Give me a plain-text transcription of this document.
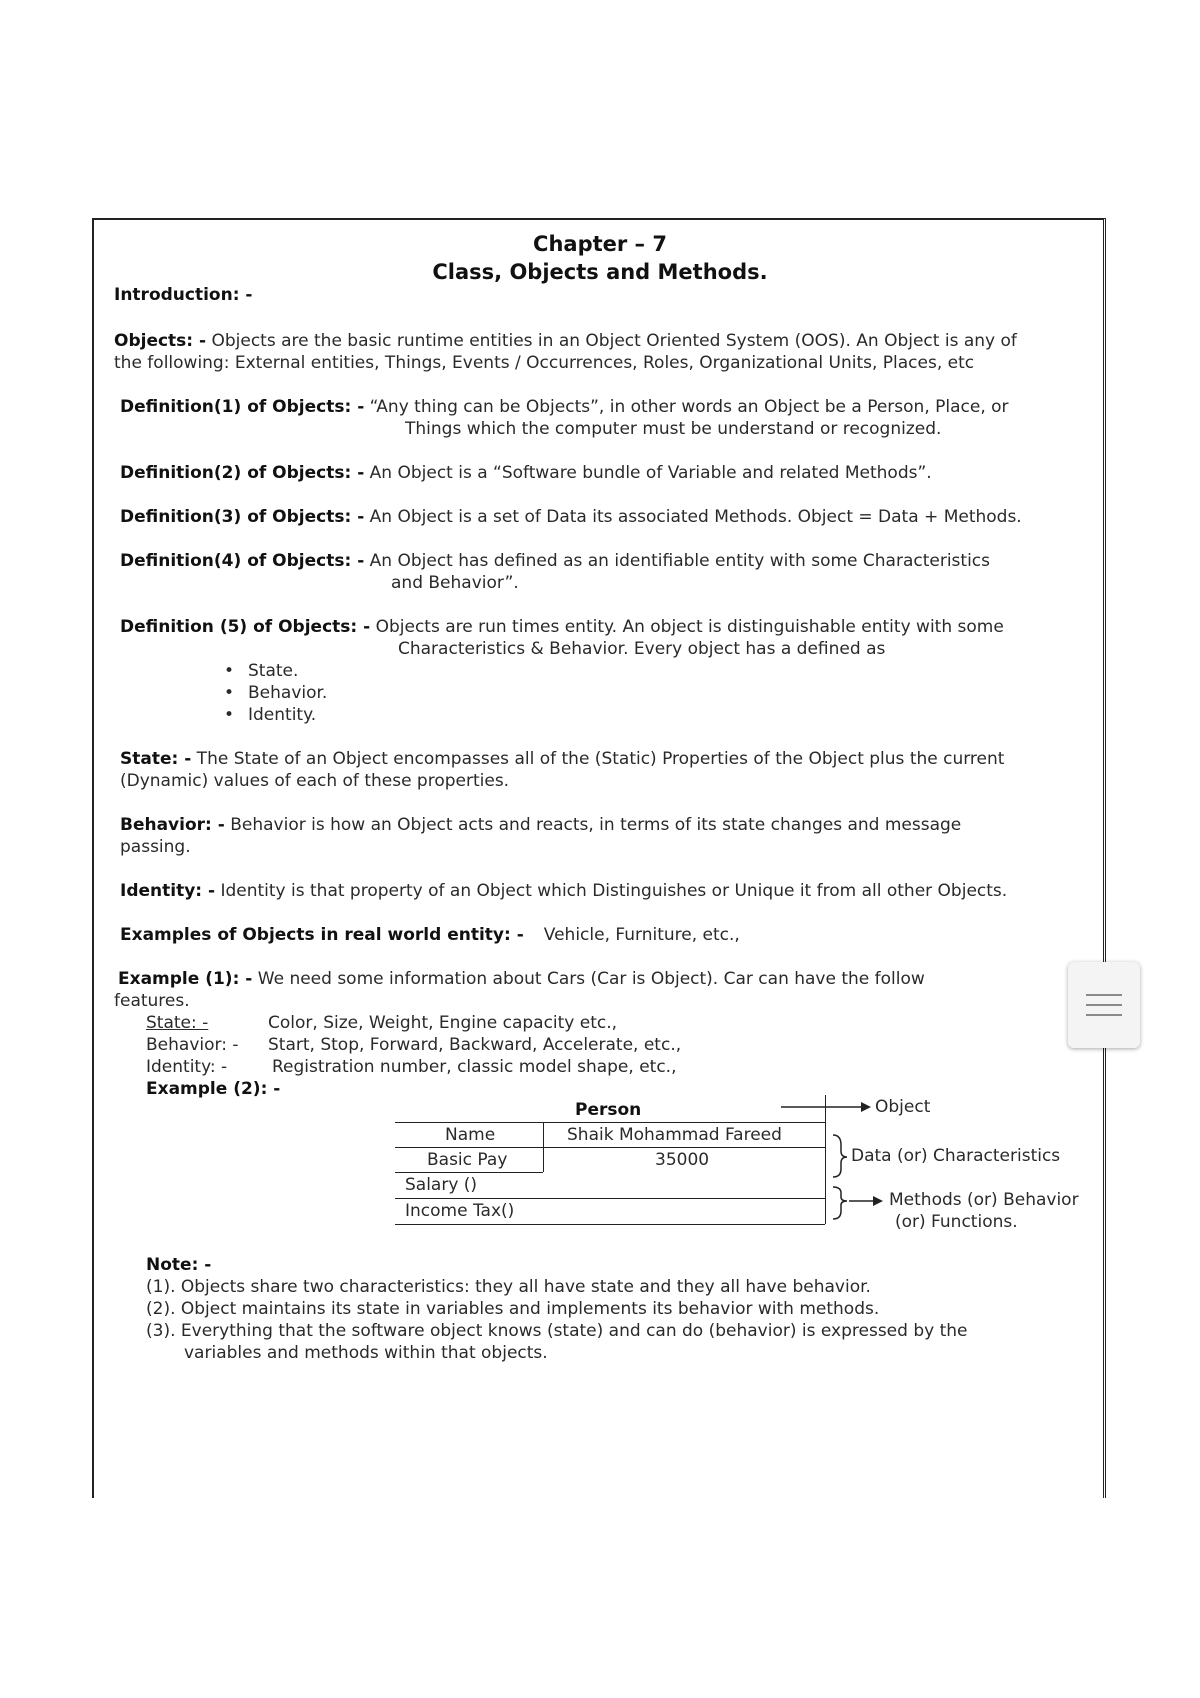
Chapter – 7
Class, Objects and Methods.
Introduction: -
Objects: - Objects are the basic runtime entities in an Object Oriented System (OOS). An Object is any of
the following: External entities, Things, Events / Occurrences, Roles, Organizational Units, Places, etc
Definition(1) of Objects: - “Any thing can be Objects”, in other words an Object be a Person, Place, or
Things which the computer must be understand or recognized.
Definition(2) of Objects: - An Object is a “Software bundle of Variable and related Methods”.
Definition(3) of Objects: - An Object is a set of Data its associated Methods. Object = Data + Methods.
Definition(4) of Objects: - An Object has defined as an identifiable entity with some Characteristics
and Behavior”.
Definition (5) of Objects: - Objects are run times entity. An object is distinguishable entity with some
Characteristics & Behavior. Every object has a defined as
• State.
• Behavior.
• Identity.
State: - The State of an Object encompasses all of the (Static) Properties of the Object plus the current
(Dynamic) values of each of these properties.
Behavior: - Behavior is how an Object acts and reacts, in terms of its state changes and message
passing.
Identity: - Identity is that property of an Object which Distinguishes or Unique it from all other Objects.
Examples of Objects in real world entity: - Vehicle, Furniture, etc.,
Example (1): - We need some information about Cars (Car is Object). Car can have the follow
features.
State: -	Color, Size, Weight, Engine capacity etc.,
Behavior: - Start, Stop, Forward, Backward, Accelerate, etc.,
Identity: -	Registration number, classic model shape, etc.,
Example (2): -
Person
Name	Shaik Mohammad Fareed
Basic Pay	35000
Salary ()
Income Tax()
Object
Data (or) Characteristics
Methods (or) Behavior
(or) Functions.
Note: -
(1). Objects share two characteristics: they all have state and they all have behavior.
(2). Object maintains its state in variables and implements its behavior with methods.
(3). Everything that the software object knows (state) and can do (behavior) is expressed by the
variables and methods within that objects.
